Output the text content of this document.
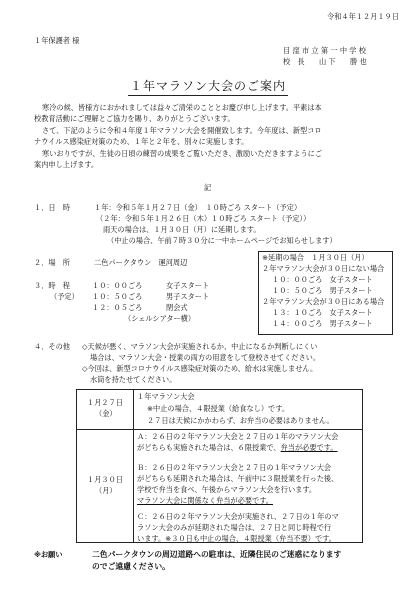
令和４年１２月１９日
１年保護者 様
目 窪 市 立 第 一 中 学 校
校　長　　山 下　　勝 也
１年マラソン大会のご案内
寒冷の候、皆様方におかれましては益々ご清栄のこととお慶び申し上げます。平素は本
校教育活動にご理解とご協力を賜り、ありがとうございます。
さて、下記のように令和４年度１年マラソン大会を開催致します。今年度は、新型コロ
ナウイルス感染症対策のため、１年と２年を、別々に実施します。
寒いおりですが、生徒の日頃の練習の成果をご覧いただき、激励いただきますようにご
案内申し上げます。
記
１．日　時	１年：令和５年１月２７日（金）　１０時ごろ スタート（予定）
（２年：令和５年１月２６日（木）１０時ごろ スタート（予定））
雨天の場合は、１月３０日（月）に延期します。
（中止の場合、午前７時３０分に一中ホームページでお知らせします）
２．場　所	二色パークタウン　運河周辺
３．時　程
（予定）
１０：００ごろ	女子スタート
１０：５０ごろ	男子スタート
１２：０５ごろ	閉会式
（シェルシアター横）
※延期の場合　１月３０日（月）
２年マラソン大会が３０日にない場合
１０：００ごろ　女子スタート
１０：５０ごろ　男子スタート
２年マラソン大会が３０日にある場合
１３：１０ごろ　女子スタート
１４：００ごろ　男子スタート
４．その他 ◇天候が悪く、マラソン大会が実施されるか、中止になるか判断しにくい
場合は、マラソン大会・授業の両方の用意をして登校させてください。
◇今回は、新型コロナウイルス感染症対策のため、給水は実施しません。
水筒を持たせてください。
１月２７日
（金）
１年マラソン大会
※中止の場合、４限授業（給食なし）です。
２７日は天候にかかわらず、お弁当の必要はありません。
１月３０日
（月）
Ａ：２６日の２年マラソン大会と２７日の１年のマラソン大会
がどちらも実施された場合は、６限授業で、弁当が必要です。
Ｂ：２６日の２年マラソン大会と２７日の１年マラソン大会
がどちらも延期された場合は、午前中に３限授業を行った後、
学校で弁当を食べ、午後からマラソン大会を行います。
マラソン大会に関係なく弁当が必要です。
Ｃ：２６日の２年マラソン大会が実施され、２７日の１年のマ
ラソン大会のみが延期された場合は、２７日と同じ時程で行
います。※３０日も中止の場合、４限授業（弁当不要）です。
※お願い	二色パークタウンの周辺道路への駐車は、近隣住民のご迷惑になります
のでご遠慮ください。
